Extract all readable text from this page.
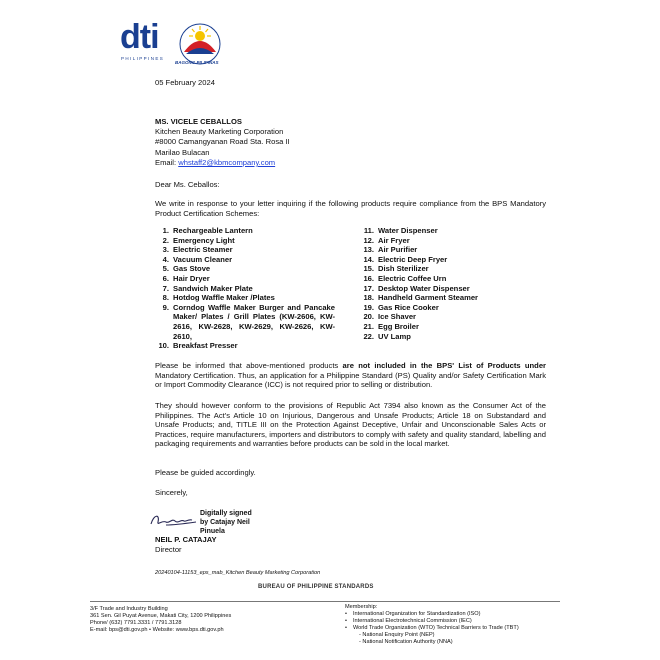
dti
PHILIPPINES
BAGONG PILIPINAS
05 February 2024
MS. VICELE CEBALLOS
Kitchen Beauty Marketing Corporation
#8000 Camangyanan Road Sta. Rosa II
Marilao Bulacan
Email: whstaff2@kbmcompany.com
Dear Ms. Ceballos:

We write in response to your letter inquiring if the following products require compliance from the BPS Mandatory Product Certification Schemes:

1. Rechargeable Lantern
2. Emergency Light
3. Electric Steamer
4. Vacuum Cleaner
5. Gas Stove
6. Hair Dryer
7. Sandwich Maker Plate
8. Hotdog Waffle Maker /Plates
9. Corndog Waffle Maker Burger and Pancake Maker/ Plates / Grill Plates (KW-2606, KW-2616, KW-2628, KW-2629, KW-2626, KW-2610,
10. Breakfast Presser
11. Water Dispenser
12. Air Fryer
13. Air Purifier
14. Electric Deep Fryer
15. Dish Sterilizer
16. Electric Coffee Urn
17. Desktop Water Dispenser
18. Handheld Garment Steamer
19. Gas Rice Cooker
20. Ice Shaver
21. Egg Broiler
22. UV Lamp

Please be informed that above-mentioned products are not included in the BPS' List of Products under Mandatory Certification. Thus, an application for a Philippine Standard (PS) Quality and/or Safety Certification Mark or Import Commodity Clearance (ICC) is not required prior to selling or distribution.

They should however conform to the provisions of Republic Act 7394 also known as the Consumer Act of the Philippines. The Act's Article 10 on Injurious, Dangerous and Unsafe Products; Article 18 on Substandard and Unsafe Products; and, TITLE III on the Protection Against Deceptive, Unfair and Unconscionable Sales Acts or Practices, require manufacturers, importers and distributors to comply with safety and quality standard, labelling and packaging requirements and warranties before products can be sold in the local market.

Please be guided accordingly.
Sincerely,
Digitally signed
by Catajay Neil
Pinuela
NEIL P. CATAJAY
Director
20240104-11153_eps_mab_Kitchen Beauty Marketing Corporation
BUREAU OF PHILIPPINE STANDARDS
3/F Trade and Industry Building
361 Sen. Gil Puyat Avenue, Makati City, 1200 Philippines
Phone/ (632) 7791.3331 / 7791.3128
E-mail: bps@dti.gov.ph • Website: www.bps.dti.gov.ph
Membership:
•	International Organization for Standardization (ISO)
•	International Electrotechnical Commission (IEC)
•	World Trade Organization (WTO) Technical Barriers to Trade (TBT)
- National Enquiry Point (NEP)
- National Notification Authority (NNA)
